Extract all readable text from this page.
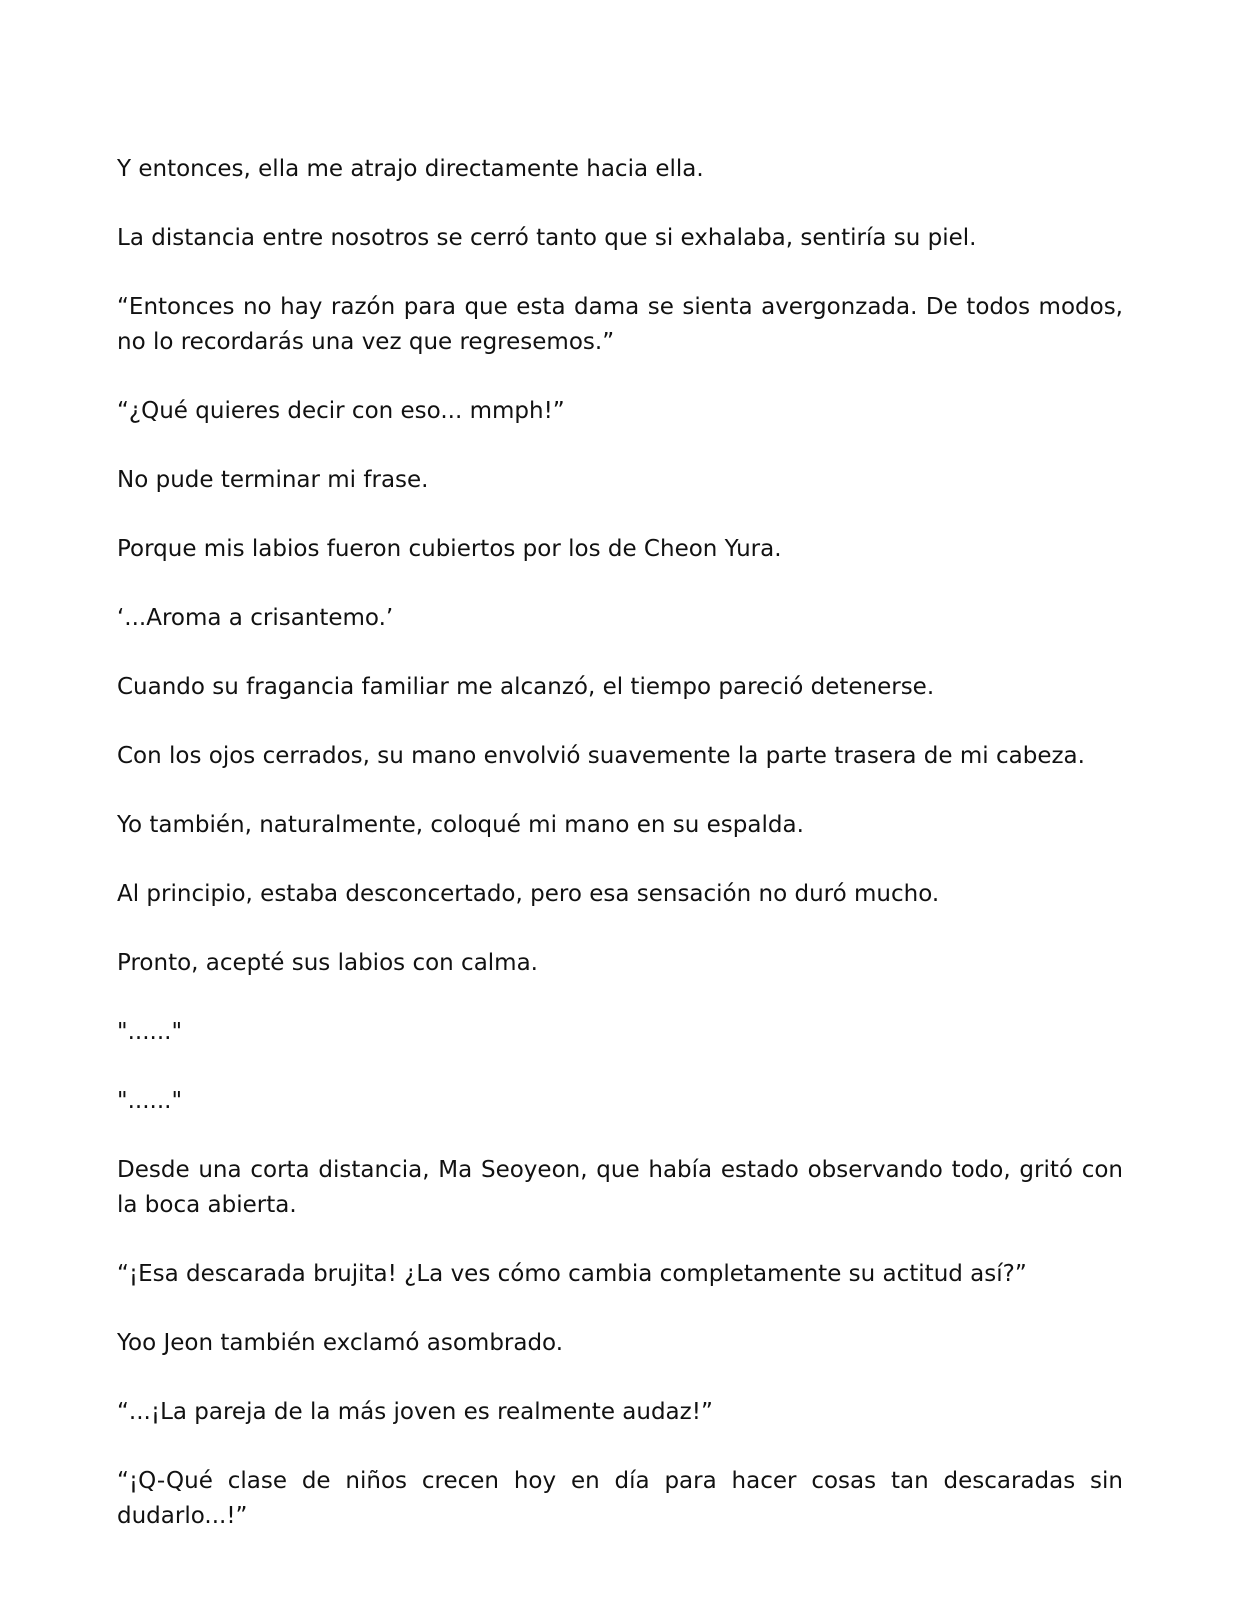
Y entonces, ella me atrajo directamente hacia ella.

La distancia entre nosotros se cerró tanto que si exhalaba, sentiría su piel.

“Entonces no hay razón para que esta dama se sienta avergonzada. De todos modos, no lo recordarás una vez que regresemos.”

“¿Qué quieres decir con eso... mmph!”

No pude terminar mi frase.

Porque mis labios fueron cubiertos por los de Cheon Yura.

‘...Aroma a crisantemo.’

Cuando su fragancia familiar me alcanzó, el tiempo pareció detenerse.

Con los ojos cerrados, su mano envolvió suavemente la parte trasera de mi cabeza.

Yo también, naturalmente, coloqué mi mano en su espalda.

Al principio, estaba desconcertado, pero esa sensación no duró mucho.

Pronto, acepté sus labios con calma.

"......"

"......"

Desde una corta distancia, Ma Seoyeon, que había estado observando todo, gritó con la boca abierta.

“¡Esa descarada brujita! ¿La ves cómo cambia completamente su actitud así?”

Yoo Jeon también exclamó asombrado.

“...¡La pareja de la más joven es realmente audaz!”

“¡Q-Qué clase de niños crecen hoy en día para hacer cosas tan descaradas sin dudarlo...!”
